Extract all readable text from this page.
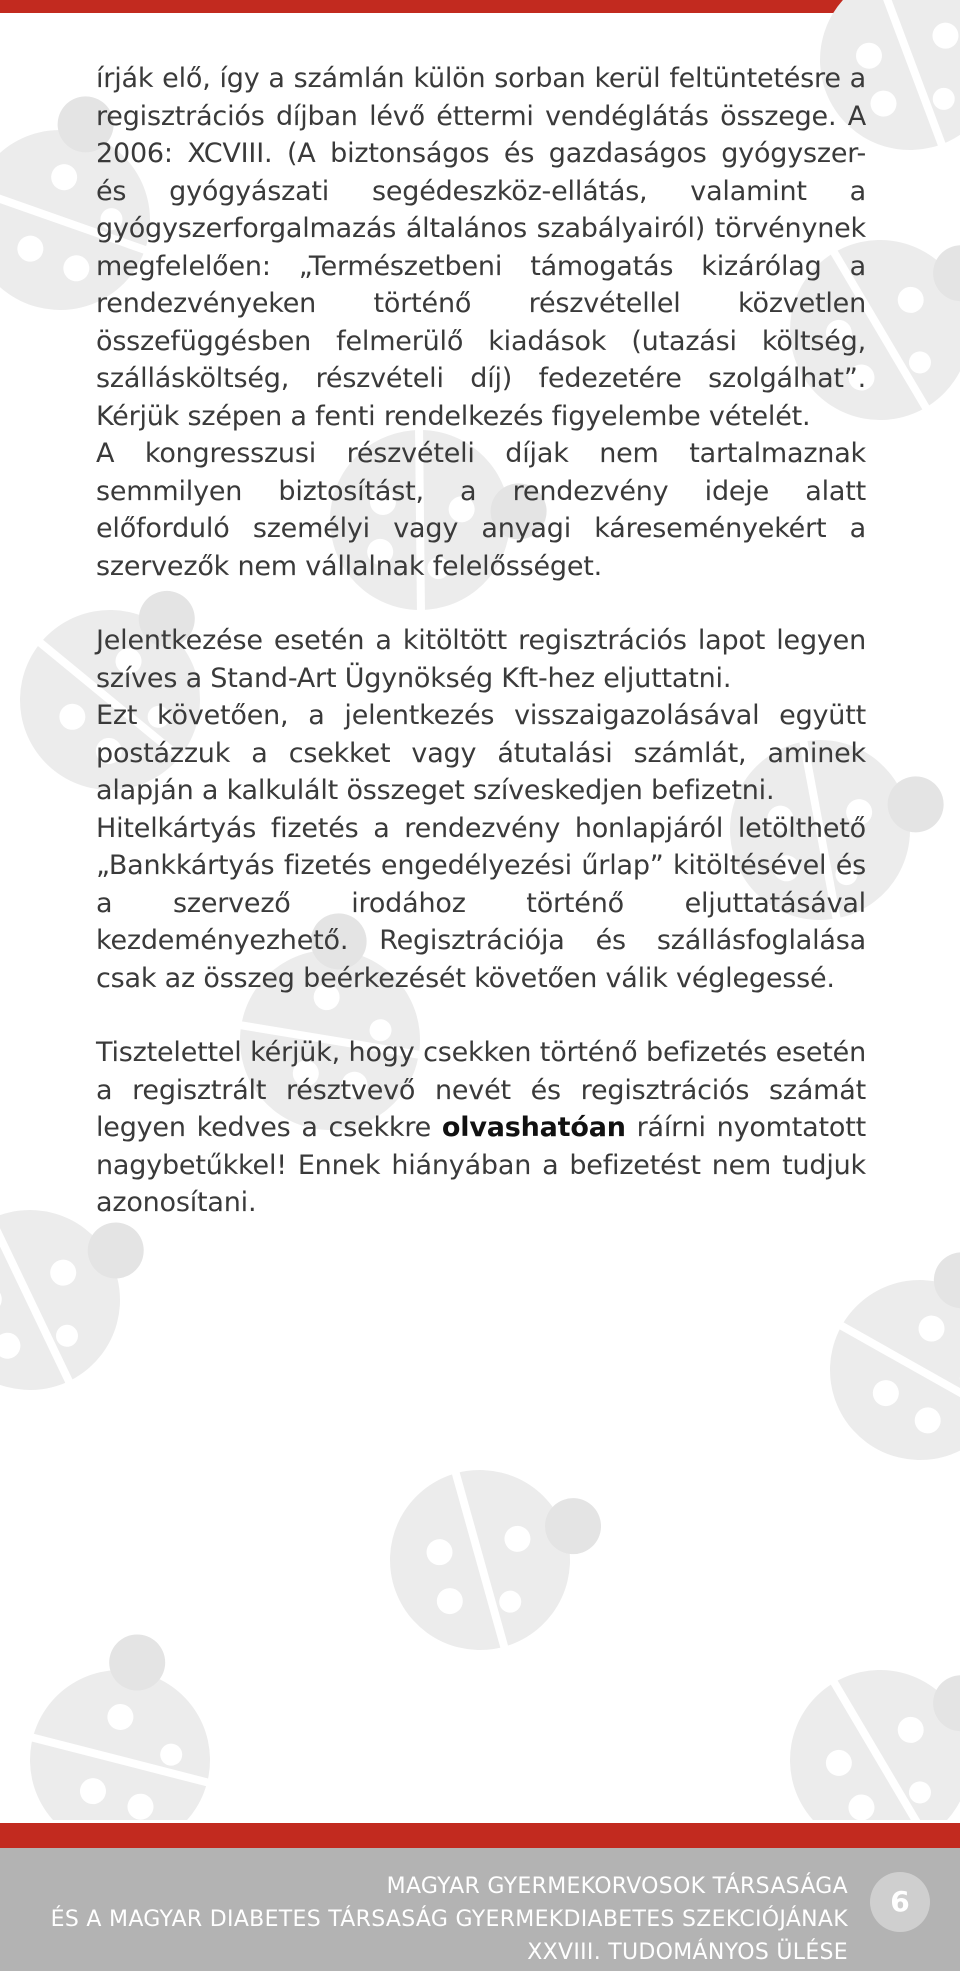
írják elő, így a számlán külön sorban kerül feltüntetésre a regisztrációs díjban lévő éttermi vendéglátás összege. A 2006: XCVIII. (A biztonságos és gazdaságos gyógyszer- és gyógyászati segédeszköz-ellátás, valamint a gyógyszerforgalmazás általános szabályairól) törvénynek megfelelően: „Természetbeni támogatás kizárólag a rendezvényeken történő részvétellel közvetlen összefüggésben felmerülő kiadások (utazási költség, szállásköltség, részvételi díj) fedezetére szolgálhat”. Kérjük szépen a fenti rendelkezés figyelembe vételét.

A kongresszusi részvételi díjak nem tartalmaznak semmilyen biztosítást, a rendezvény ideje alatt előforduló személyi vagy anyagi káreseményekért a szervezők nem vállalnak felelősséget.

Jelentkezése esetén a kitöltött regisztrációs lapot legyen szíves a Stand-Art Ügynökség Kft-hez eljuttatni.

Ezt követően, a jelentkezés visszaigazolásával együtt postázzuk a csekket vagy átutalási számlát, aminek alapján a kalkulált összeget szíveskedjen befizetni.

Hitelkártyás fizetés a rendezvény honlapjáról letölthető „Bankkártyás fizetés engedélyezési űrlap” kitöltésével és a szervező irodához történő eljuttatásával kezdeményezhető. Regisztrációja és szállásfoglalása csak az összeg beérkezését követően válik véglegessé.

Tisztelettel kérjük, hogy csekken történő befizetés esetén a regisztrált résztvevő nevét és regisztrációs számát legyen kedves a csekkre olvashatóan ráírni nyomtatott nagybetűkkel! Ennek hiányában a befizetést nem tudjuk azonosítani.

MAGYAR GYERMEKORVOSOK TÁRSASÁGA
ÉS A MAGYAR DIABETES TÁRSASÁG GYERMEKDIABETES SZEKCIÓJÁNAK
XXVIII. TUDOMÁNYOS ÜLÉSE
6
